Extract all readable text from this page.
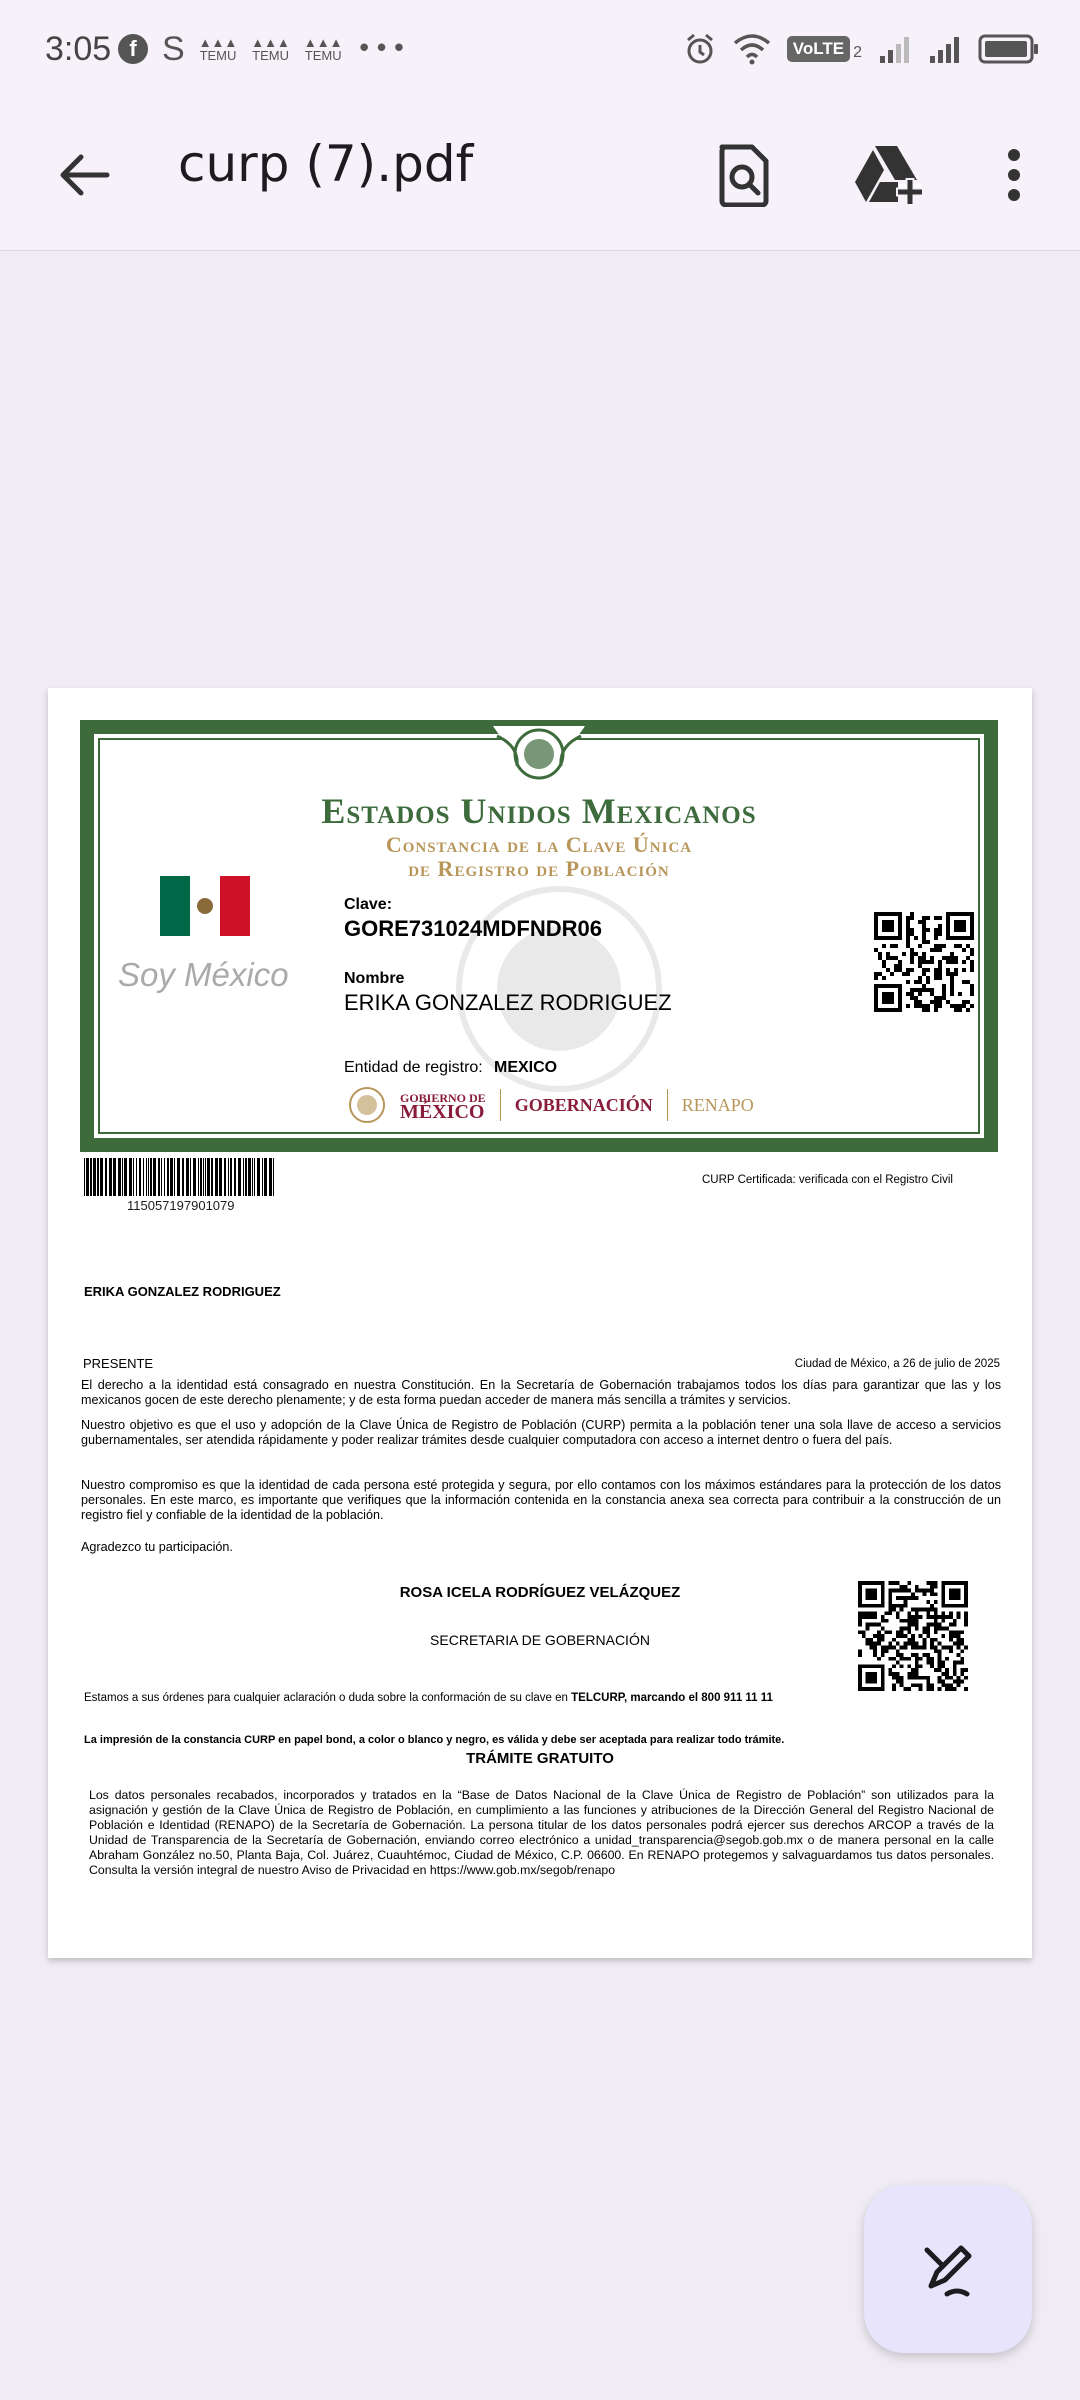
3:05 f S ▲▲▲
TEMU
▲▲▲
TEMU
▲▲▲
TEMU •••	VoLTE 2
curp (7).pdf
Estados Unidos Mexicanos
Constancia de la Clave Única
de Registro de Población
Soy México
Clave:
GORE731024MDFNDR06
Nombre
ERIKA GONZALEZ RODRIGUEZ
Entidad de registro: MEXICO
GOBIERNO DE
MÉXICO GOBERNACIÓN RENAPO
115057197901079
CURP Certificada: verificada con el Registro Civil
ERIKA GONZALEZ RODRIGUEZ
PRESENTE	Ciudad de México, a 26 de julio de 2025
El derecho a la identidad está consagrado en nuestra Constitución. En la Secretaría de Gobernación trabajamos todos los días para garantizar que las y los mexicanos gocen de este derecho plenamente; y de esta forma puedan acceder de manera más sencilla a trámites y servicios.
Nuestro objetivo es que el uso y adopción de la Clave Única de Registro de Población (CURP) permita a la población tener una sola llave de acceso a servicios gubernamentales, ser atendida rápidamente y poder realizar trámites desde cualquier computadora con acceso a internet dentro o fuera del país.
Nuestro compromiso es que la identidad de cada persona esté protegida y segura, por ello contamos con los máximos estándares para la protección de los datos personales. En este marco, es importante que verifiques que la información contenida en la constancia anexa sea correcta para contribuir a la construcción de un registro fiel y confiable de la identidad de la población.
Agradezco tu participación.
ROSA ICELA RODRÍGUEZ VELÁZQUEZ
SECRETARIA DE GOBERNACIÓN
Estamos a sus órdenes para cualquier aclaración o duda sobre la conformación de su clave en TELCURP, marcando el 800 911 11 11
La impresión de la constancia CURP en papel bond, a color o blanco y negro, es válida y debe ser aceptada para realizar todo trámite.
TRÁMITE GRATUITO
Los datos personales recabados, incorporados y tratados en la “Base de Datos Nacional de la Clave Única de Registro de Población” son utilizados para la asignación y gestión de la Clave Única de Registro de Población, en cumplimiento a las funciones y atribuciones de la Dirección General del Registro Nacional de Población e Identidad (RENAPO) de la Secretaría de Gobernación. La persona titular de los datos personales podrá ejercer sus derechos ARCOP a través de la Unidad de Transparencia de la Secretaría de Gobernación, enviando correo electrónico a unidad_transparencia@segob.gob.mx o de manera personal en la calle Abraham González no.50, Planta Baja, Col. Juárez, Cuauhtémoc, Ciudad de México, C.P. 06600. En RENAPO protegemos y salvaguardamos tus datos personales. Consulta la versión integral de nuestro Aviso de Privacidad en https://www.gob.mx/segob/renapo
